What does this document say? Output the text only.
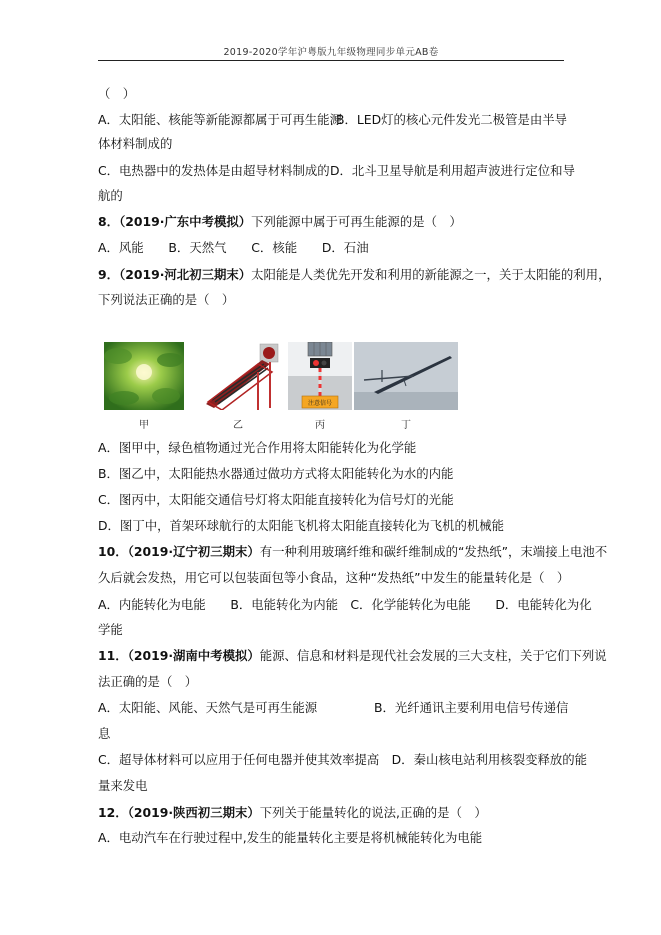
2019-2020学年沪粤版九年级物理同步单元AB卷
（　）
A．太阳能、核能等新能源都属于可再生能源
B．LED灯的核心元件发光二极管是由半导
体材料制成的
C．电热器中的发热体是由超导材料制成的 D．北斗卫星导航是利用超声波进行定位和导
航的
8．（2019·广东中考模拟）下列能源中属于可再生能源的是（　）
A．风能　　B．天然气　　C．核能　　D．石油
9．（2019·河北初三期末）太阳能是人类优先开发和利用的新能源之一，关于太阳能的利用，
下列说法正确的是（　）
甲	乙
注意信号
丙	丁
A．图甲中，绿色植物通过光合作用将太阳能转化为化学能
B．图乙中，太阳能热水器通过做功方式将太阳能转化为水的内能
C．图丙中，太阳能交通信号灯将太阳能直接转化为信号灯的光能
D．图丁中，首架环球航行的太阳能飞机将太阳能直接转化为飞机的机械能
10．（2019·辽宁初三期末）有一种利用玻璃纤维和碳纤维制成的“发热纸”，末端接上电池不
久后就会发热，用它可以包装面包等小食品，这种“发热纸”中发生的能量转化是（　）
A．内能转化为电能　　B．电能转化为内能　C．化学能转化为电能　　D．电能转化为化
学能
11．（2019·湖南中考模拟）能源、信息和材料是现代社会发展的三大支柱，关于它们下列说
法正确的是（　）
A．太阳能、风能、天然气是可再生能源	B．光纤通讯主要利用电信号传递信
息
C．超导体材料可以应用于任何电器并使其效率提高　D．秦山核电站利用核裂变释放的能
量来发电
12．（2019·陕西初三期末）下列关于能量转化的说法,正确的是（　）
A．电动汽车在行驶过程中,发生的能量转化主要是将机械能转化为电能
